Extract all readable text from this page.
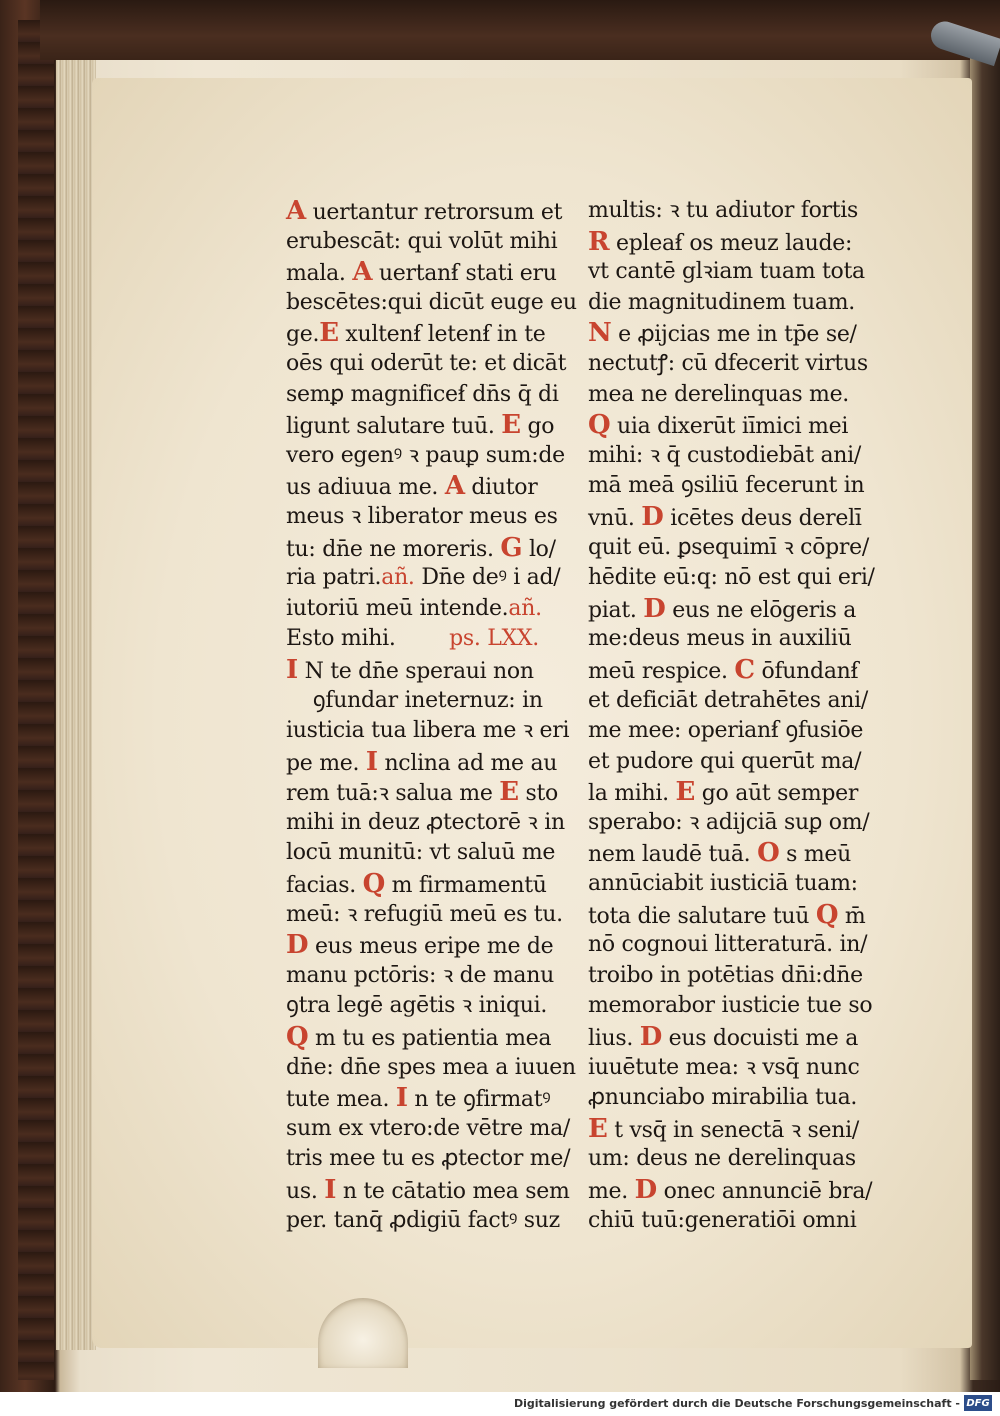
A uertantur retrorsum et
erubescāt: qui volūt mihi
mala. A uertanẜ stati eru
bescētes:qui dicūt euge eu
ge.E xultenẜ letenẜ in te
oēs qui oderūt te: et dicāt
semꝑ magnificeẜ dn̄s q̄ di
ligunt salutare tuū. E go
vero egenꝰ ꝛ pauꝑ sum:de
us adiuua me. A diutor
meus ꝛ liberator meus es
tu: dn̄e ne moreris. G lo/
ria patri.añ. Dn̄e deꝰ i ad/
iutoriū meū intende.añ.
Esto mihi.        ps. LXX.
I N te dn̄e speraui non
ꝯfundar ineternuz: in
iusticia tua libera me ꝛ eri
pe me. I nclina ad me au
rem tuā:ꝛ salua me E sto
mihi in deuz ꝓtectorē ꝛ in
locū munitū: vt saluū me
facias. Q m firmamentū
meū: ꝛ refugiū meū es tu.
D eus meus eripe me de
manu pctōris: ꝛ de manu
ꝯtra legē agētis ꝛ iniqui.
Q m tu es patientia mea
dn̄e: dn̄e spes mea a iuuen
tute mea. I n te ꝯfirmatꝰ
sum ex vtero:de vētre ma/
tris mee tu es ꝓtector me/
us. I n te cātatio mea sem
per. tanq̄ ꝓdigiū factꝰ suz
multis: ꝛ tu adiutor fortis
R epleaẜ os meuz laude:
vt cantē glꝛiam tuam tota
die magnitudinem tuam.
N e ꝓijcias me in tp̄e se/
nectutꝭ: cū dfecerit virtus
mea ne derelinquas me.
Q uia dixerūt iīmici mei
mihi: ꝛ q̄ custodiebāt ani/
mā meā ꝯsiliū fecerunt in
vnū. D icētes deus derelī
quit eū. ꝑsequimī ꝛ cōpre/
hēdite eū:q: nō est qui eri/
piat. D eus ne elōgeris a
me:deus meus in auxiliū
meū respice. C ōfundanẜ
et deficiāt detrahētes ani/
me mee: operianẜ ꝯfusiōe
et pudore qui querūt ma/
la mihi. E go aūt semper
sperabo: ꝛ adijciā suꝑ om/
nem laudē tuā. O s meū
annūciabit iusticiā tuam:
tota die salutare tuū Q m̄
nō cognoui litteraturā. in/
troibo in potētias dn̄i:dn̄e
memorabor iusticie tue so
lius. D eus docuisti me a
iuuētute mea: ꝛ vsq̄ nunc
ꝓnunciabo mirabilia tua.
E t vsq̄ in senectā ꝛ seni/
um: deus ne derelinquas
me. D onec annunciē bra/
chiū tuū:generatiōi omni
Digitalisierung gefördert durch die Deutsche Forschungsgemeinschaft - DFG
